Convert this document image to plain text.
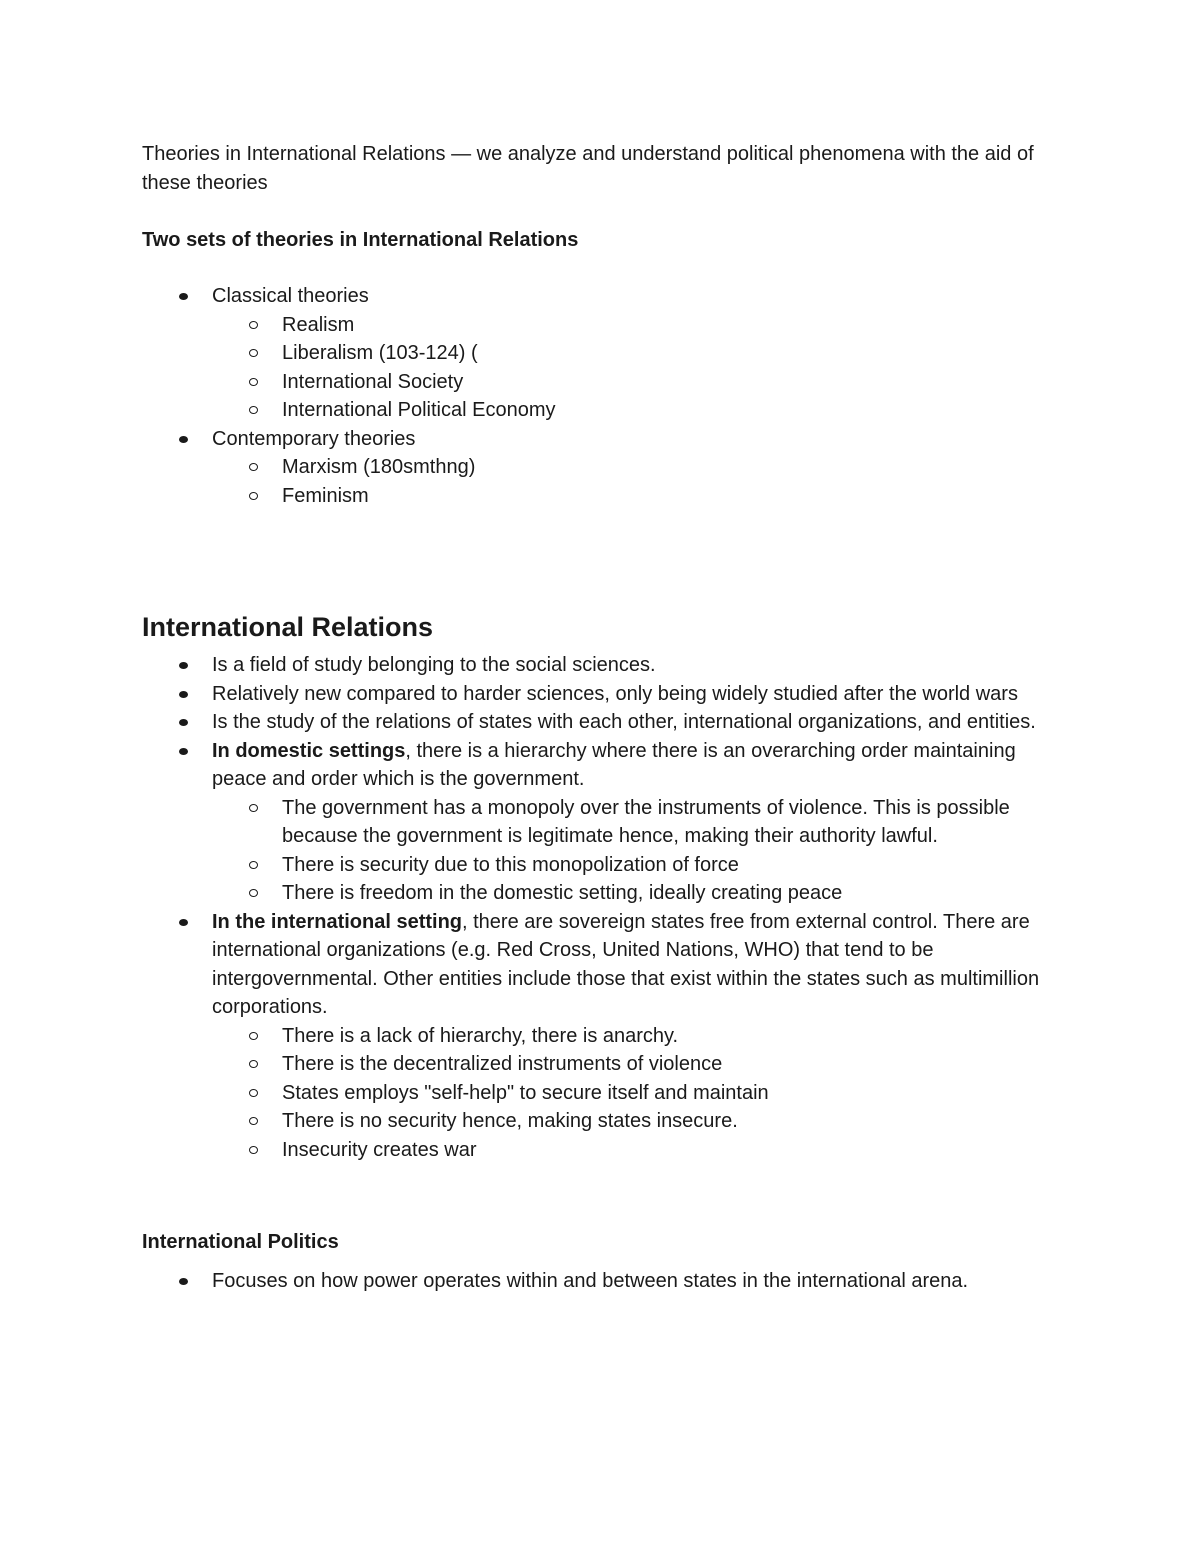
Theories in International Relations — we analyze and understand political phenomena with the aid of these theories

Two sets of theories in International Relations

Classical theories
Realism
Liberalism (103-124) (
International Society
International Political Economy
Contemporary theories
Marxism (180smthng)
Feminism

International Relations

Is a field of study belonging to the social sciences.
Relatively new compared to harder sciences, only being widely studied after the world wars
Is the study of the relations of states with each other, international organizations, and entities.
In domestic settings, there is a hierarchy where there is an overarching order maintaining peace and order which is the government.
The government has a monopoly over the instruments of violence. This is possible because the government is legitimate hence, making their authority lawful.
There is security due to this monopolization of force
There is freedom in the domestic setting, ideally creating peace
In the international setting, there are sovereign states free from external control. There are international organizations (e.g. Red Cross, United Nations, WHO) that tend to be intergovernmental. Other entities include those that exist within the states such as multimillion corporations.
There is a lack of hierarchy, there is anarchy.
There is the decentralized instruments of violence
States employs "self-help" to secure itself and maintain
There is no security hence, making states insecure.
Insecurity creates war

International Politics

Focuses on how power operates within and between states in the international arena.
